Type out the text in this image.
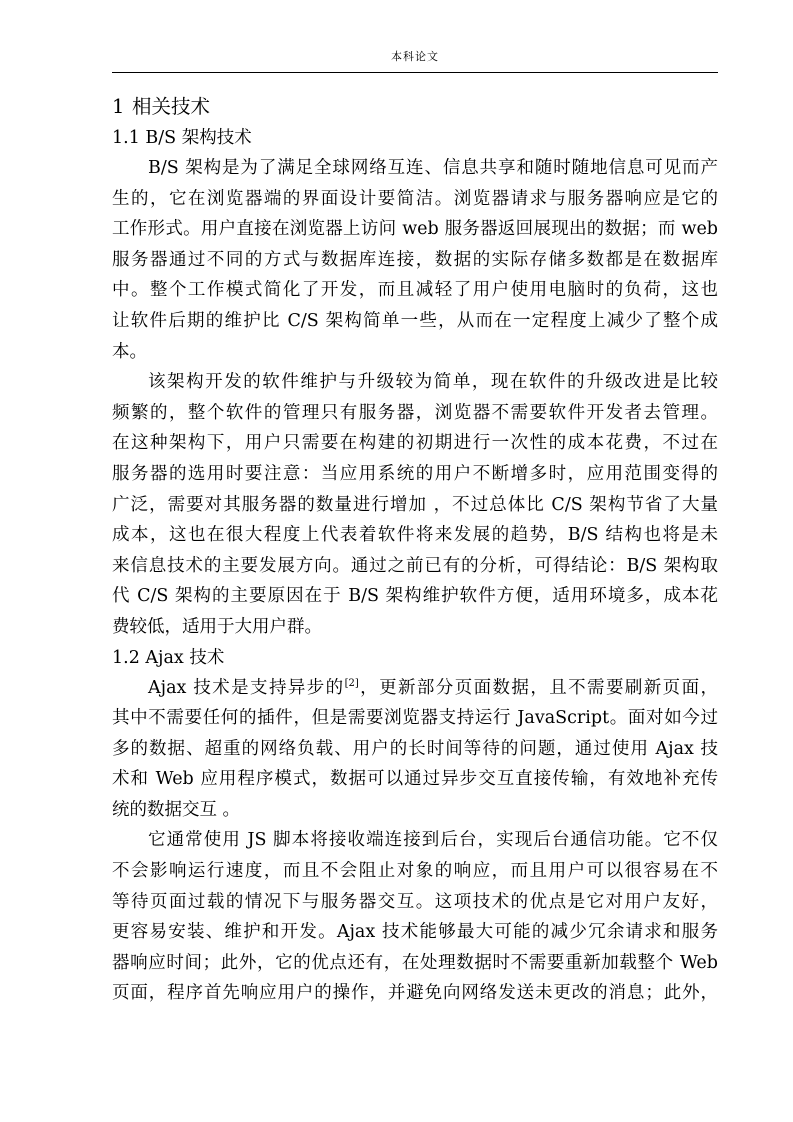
本科论文
1 相关技术
1.1 B/S 架构技术
B/S 架构是为了满足全球网络互连、信息共享和随时随地信息可见而产
生的，它在浏览器端的界面设计要简洁。浏览器请求与服务器响应是它的
工作形式。用户直接在浏览器上访问 web 服务器返回展现出的数据；而 web
服务器通过不同的方式与数据库连接，数据的实际存储多数都是在数据库
中。整个工作模式简化了开发，而且减轻了用户使用电脑时的负荷，这也
让软件后期的维护比 C/S 架构简单一些，从而在一定程度上减少了整个成
本。
该架构开发的软件维护与升级较为简单，现在软件的升级改进是比较
频繁的，整个软件的管理只有服务器，浏览器不需要软件开发者去管理。
在这种架构下，用户只需要在构建的初期进行一次性的成本花费，不过在
服务器的选用时要注意：当应用系统的用户不断增多时，应用范围变得的
广泛，需要对其服务器的数量进行增加 ，不过总体比 C/S 架构节省了大量
成本，这也在很大程度上代表着软件将来发展的趋势，B/S 结构也将是未
来信息技术的主要发展方向。通过之前已有的分析，可得结论：B/S 架构取
代 C/S 架构的主要原因在于 B/S 架构维护软件方便，适用环境多，成本花
费较低，适用于大用户群。
1.2 Ajax 技术
Ajax 技术是支持异步的[2]，更新部分页面数据，且不需要刷新页面，
其中不需要任何的插件，但是需要浏览器支持运行 JavaScript。面对如今过
多的数据、超重的网络负载、用户的长时间等待的问题，通过使用 Ajax 技
术和 Web 应用程序模式，数据可以通过异步交互直接传输，有效地补充传
统的数据交互 。
它通常使用 JS 脚本将接收端连接到后台，实现后台通信功能。它不仅
不会影响运行速度，而且不会阻止对象的响应，而且用户可以很容易在不
等待页面过载的情况下与服务器交互。这项技术的优点是它对用户友好，
更容易安装、维护和开发。Ajax 技术能够最大可能的减少冗余请求和服务
器响应时间；此外，它的优点还有，在处理数据时不需要重新加载整个 Web
页面，程序首先响应用户的操作，并避免向网络发送未更改的消息；此外，
